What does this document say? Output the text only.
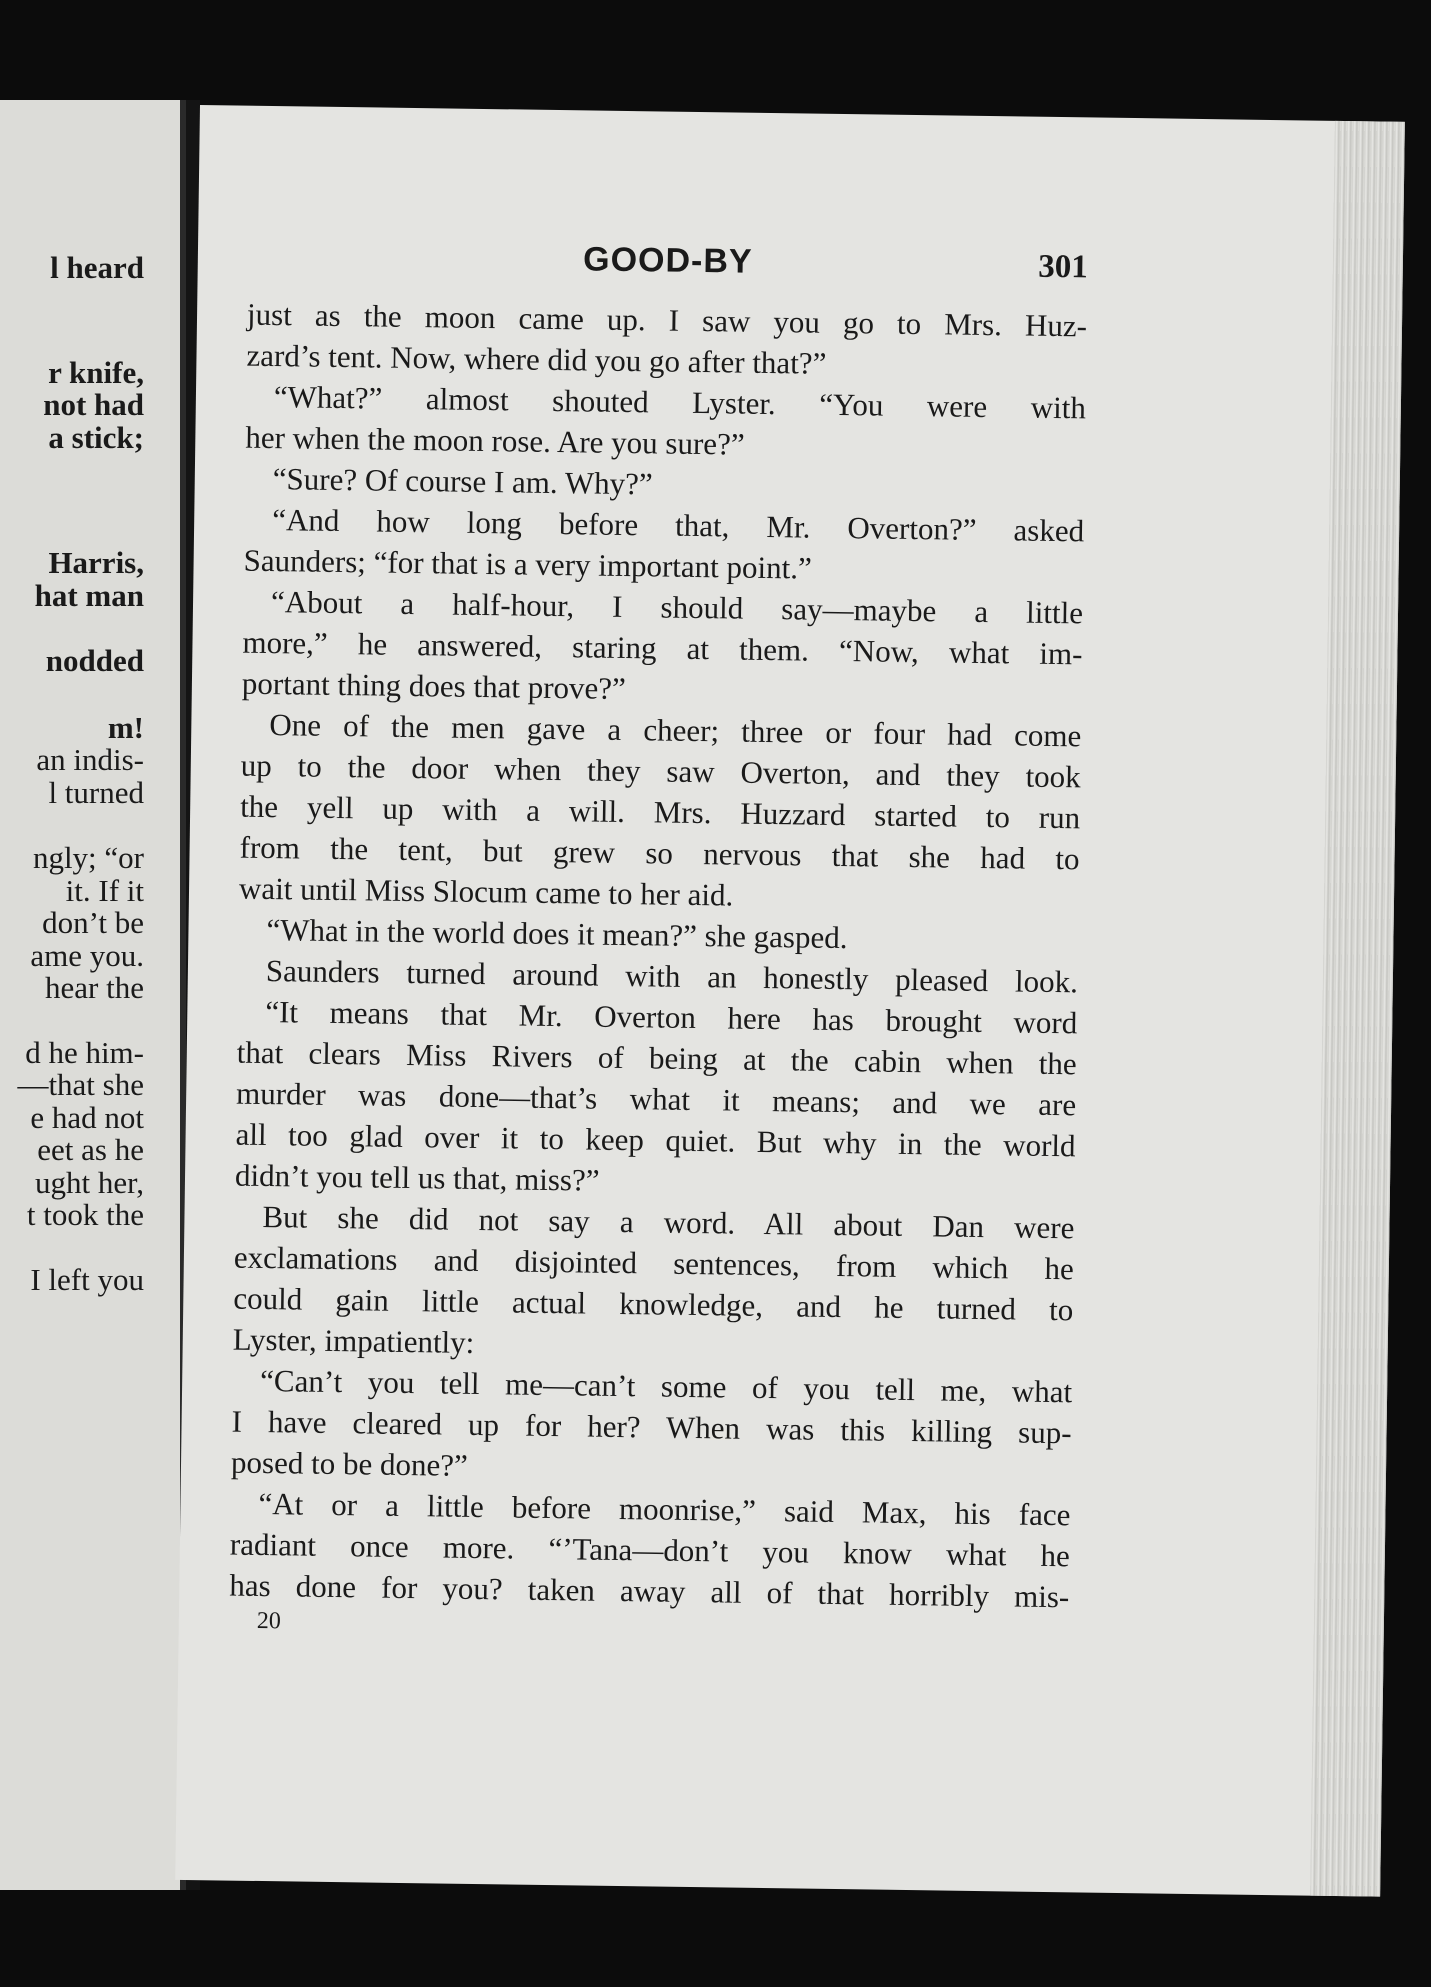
l heard
r knife,
not had
a stick;
Harris,
hat man
nodded
m!
an indis-
l turned
ngly; “or
it. If it
don’t be
ame you.
hear the
d he him-
—that she
e had not
eet as he
ught her,
t took the
I left you
GOOD-BY	301
just as the moon came up. I saw you go to Mrs. Huz-
zard’s tent. Now, where did you go after that?”
“What?” almost shouted Lyster. “You were with
her when the moon rose. Are you sure?”
“Sure? Of course I am. Why?”
“And how long before that, Mr. Overton?” asked
Saunders; “for that is a very important point.”
“About a half-hour, I should say—maybe a little
more,” he answered, staring at them. “Now, what im-
portant thing does that prove?”
One of the men gave a cheer; three or four had come
up to the door when they saw Overton, and they took
the yell up with a will. Mrs. Huzzard started to run
from the tent, but grew so nervous that she had to
wait until Miss Slocum came to her aid.
“What in the world does it mean?” she gasped.
Saunders turned around with an honestly pleased look.
“It means that Mr. Overton here has brought word
that clears Miss Rivers of being at the cabin when the
murder was done—that’s what it means; and we are
all too glad over it to keep quiet. But why in the world
didn’t you tell us that, miss?”
But she did not say a word. All about Dan were
exclamations and disjointed sentences, from which he
could gain little actual knowledge, and he turned to
Lyster, impatiently:
“Can’t you tell me—can’t some of you tell me, what
I have cleared up for her? When was this killing sup-
posed to be done?”
“At or a little before moonrise,” said Max, his face
radiant once more. “’Tana—don’t you know what he
has done for you? taken away all of that horribly mis-
20
